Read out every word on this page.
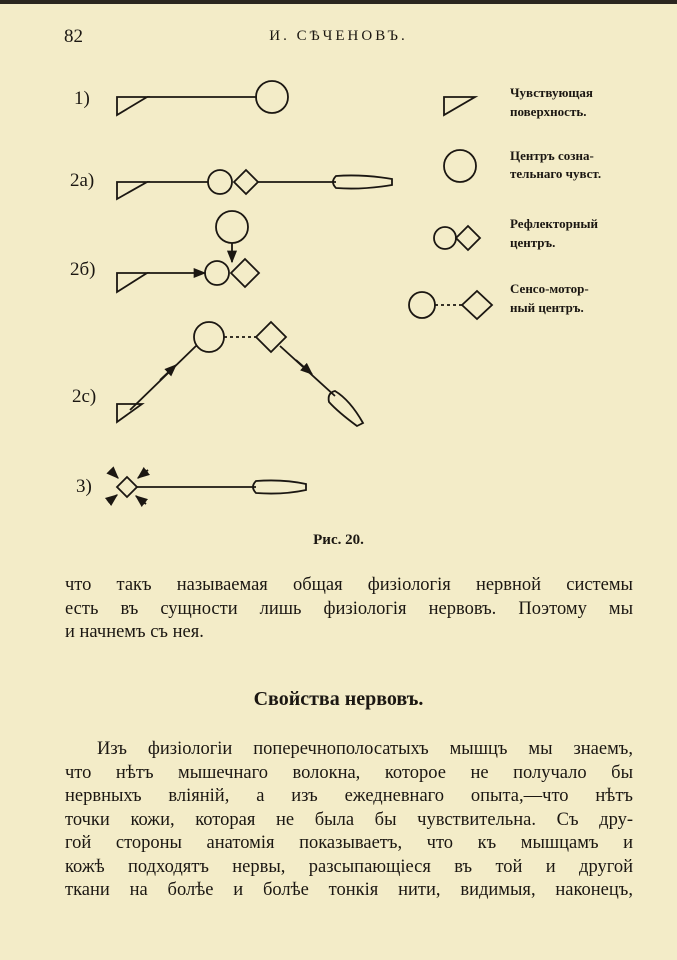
82	И. СѢЧЕНОВЪ.
1)
2a)
2б)
2c)
3)
Чувствующая
поверхность.
Центръ созна-
тельнаго чувст.
Рефлекторный
центръ.
Сенсо-мотор-
ный центръ.
Рис. 20.
что такъ называемая общая физіологія нервной системы
есть въ сущности лишь физіологія нервовъ. Поэтому мы
и начнемъ съ нея.
Свойства нервовъ.
Изъ физіологіи поперечнополосатыхъ мышцъ мы знаемъ,
что нѣтъ мышечнаго волокна, которое не получало бы
нервныхъ вліяній, а изъ ежедневнаго опыта,—что нѣтъ
точки кожи, которая не была бы чувствительна. Съ дру-
гой стороны анатомія показываетъ, что къ мышцамъ и
кожѣ подходятъ нервы, разсыпающіеся въ той и другой
ткани на болѣе и болѣе тонкія нити, видимыя, наконецъ,
